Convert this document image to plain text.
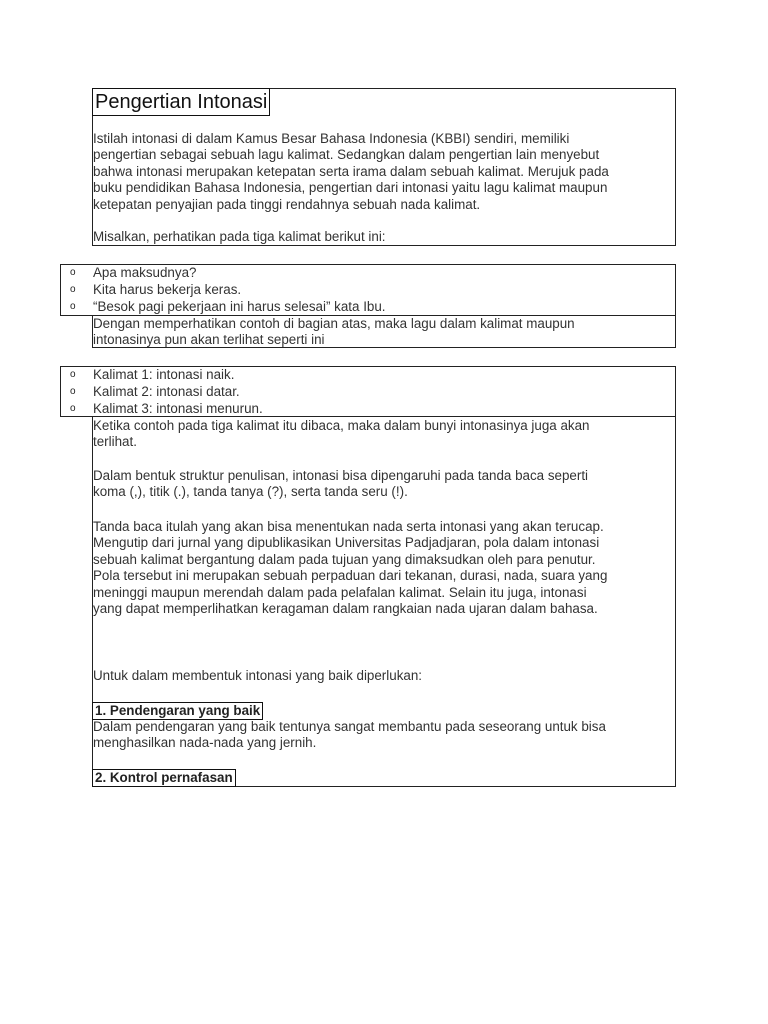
Pengertian Intonasi
Istilah intonasi di dalam Kamus Besar Bahasa Indonesia (KBBI) sendiri, memiliki
pengertian sebagai sebuah lagu kalimat. Sedangkan dalam pengertian lain menyebut
bahwa intonasi merupakan ketepatan serta irama dalam sebuah kalimat. Merujuk pada
buku pendidikan Bahasa Indonesia, pengertian dari intonasi yaitu lagu kalimat maupun
ketepatan penyajian pada tinggi rendahnya sebuah nada kalimat.
Misalkan, perhatikan pada tiga kalimat berikut ini:
o Apa maksudnya?
o Kita harus bekerja keras.
o “Besok pagi pekerjaan ini harus selesai” kata Ibu.
Dengan memperhatikan contoh di bagian atas, maka lagu dalam kalimat maupun
intonasinya pun akan terlihat seperti ini
o Kalimat 1: intonasi naik.
o Kalimat 2: intonasi datar.
o Kalimat 3: intonasi menurun.
Ketika contoh pada tiga kalimat itu dibaca, maka dalam bunyi intonasinya juga akan
terlihat.
Dalam bentuk struktur penulisan, intonasi bisa dipengaruhi pada tanda baca seperti
koma (,), titik (.), tanda tanya (?), serta tanda seru (!).
Tanda baca itulah yang akan bisa menentukan nada serta intonasi yang akan terucap.
Mengutip dari jurnal yang dipublikasikan Universitas Padjadjaran, pola dalam intonasi
sebuah kalimat bergantung dalam pada tujuan yang dimaksudkan oleh para penutur.
Pola tersebut ini merupakan sebuah perpaduan dari tekanan, durasi, nada, suara yang
meninggi maupun merendah dalam pada pelafalan kalimat. Selain itu juga, intonasi
yang dapat memperlihatkan keragaman dalam rangkaian nada ujaran dalam bahasa.
Untuk dalam membentuk intonasi yang baik diperlukan:
1. Pendengaran yang baik
Dalam pendengaran yang baik tentunya sangat membantu pada seseorang untuk bisa
menghasilkan nada-nada yang jernih.
2. Kontrol pernafasan
